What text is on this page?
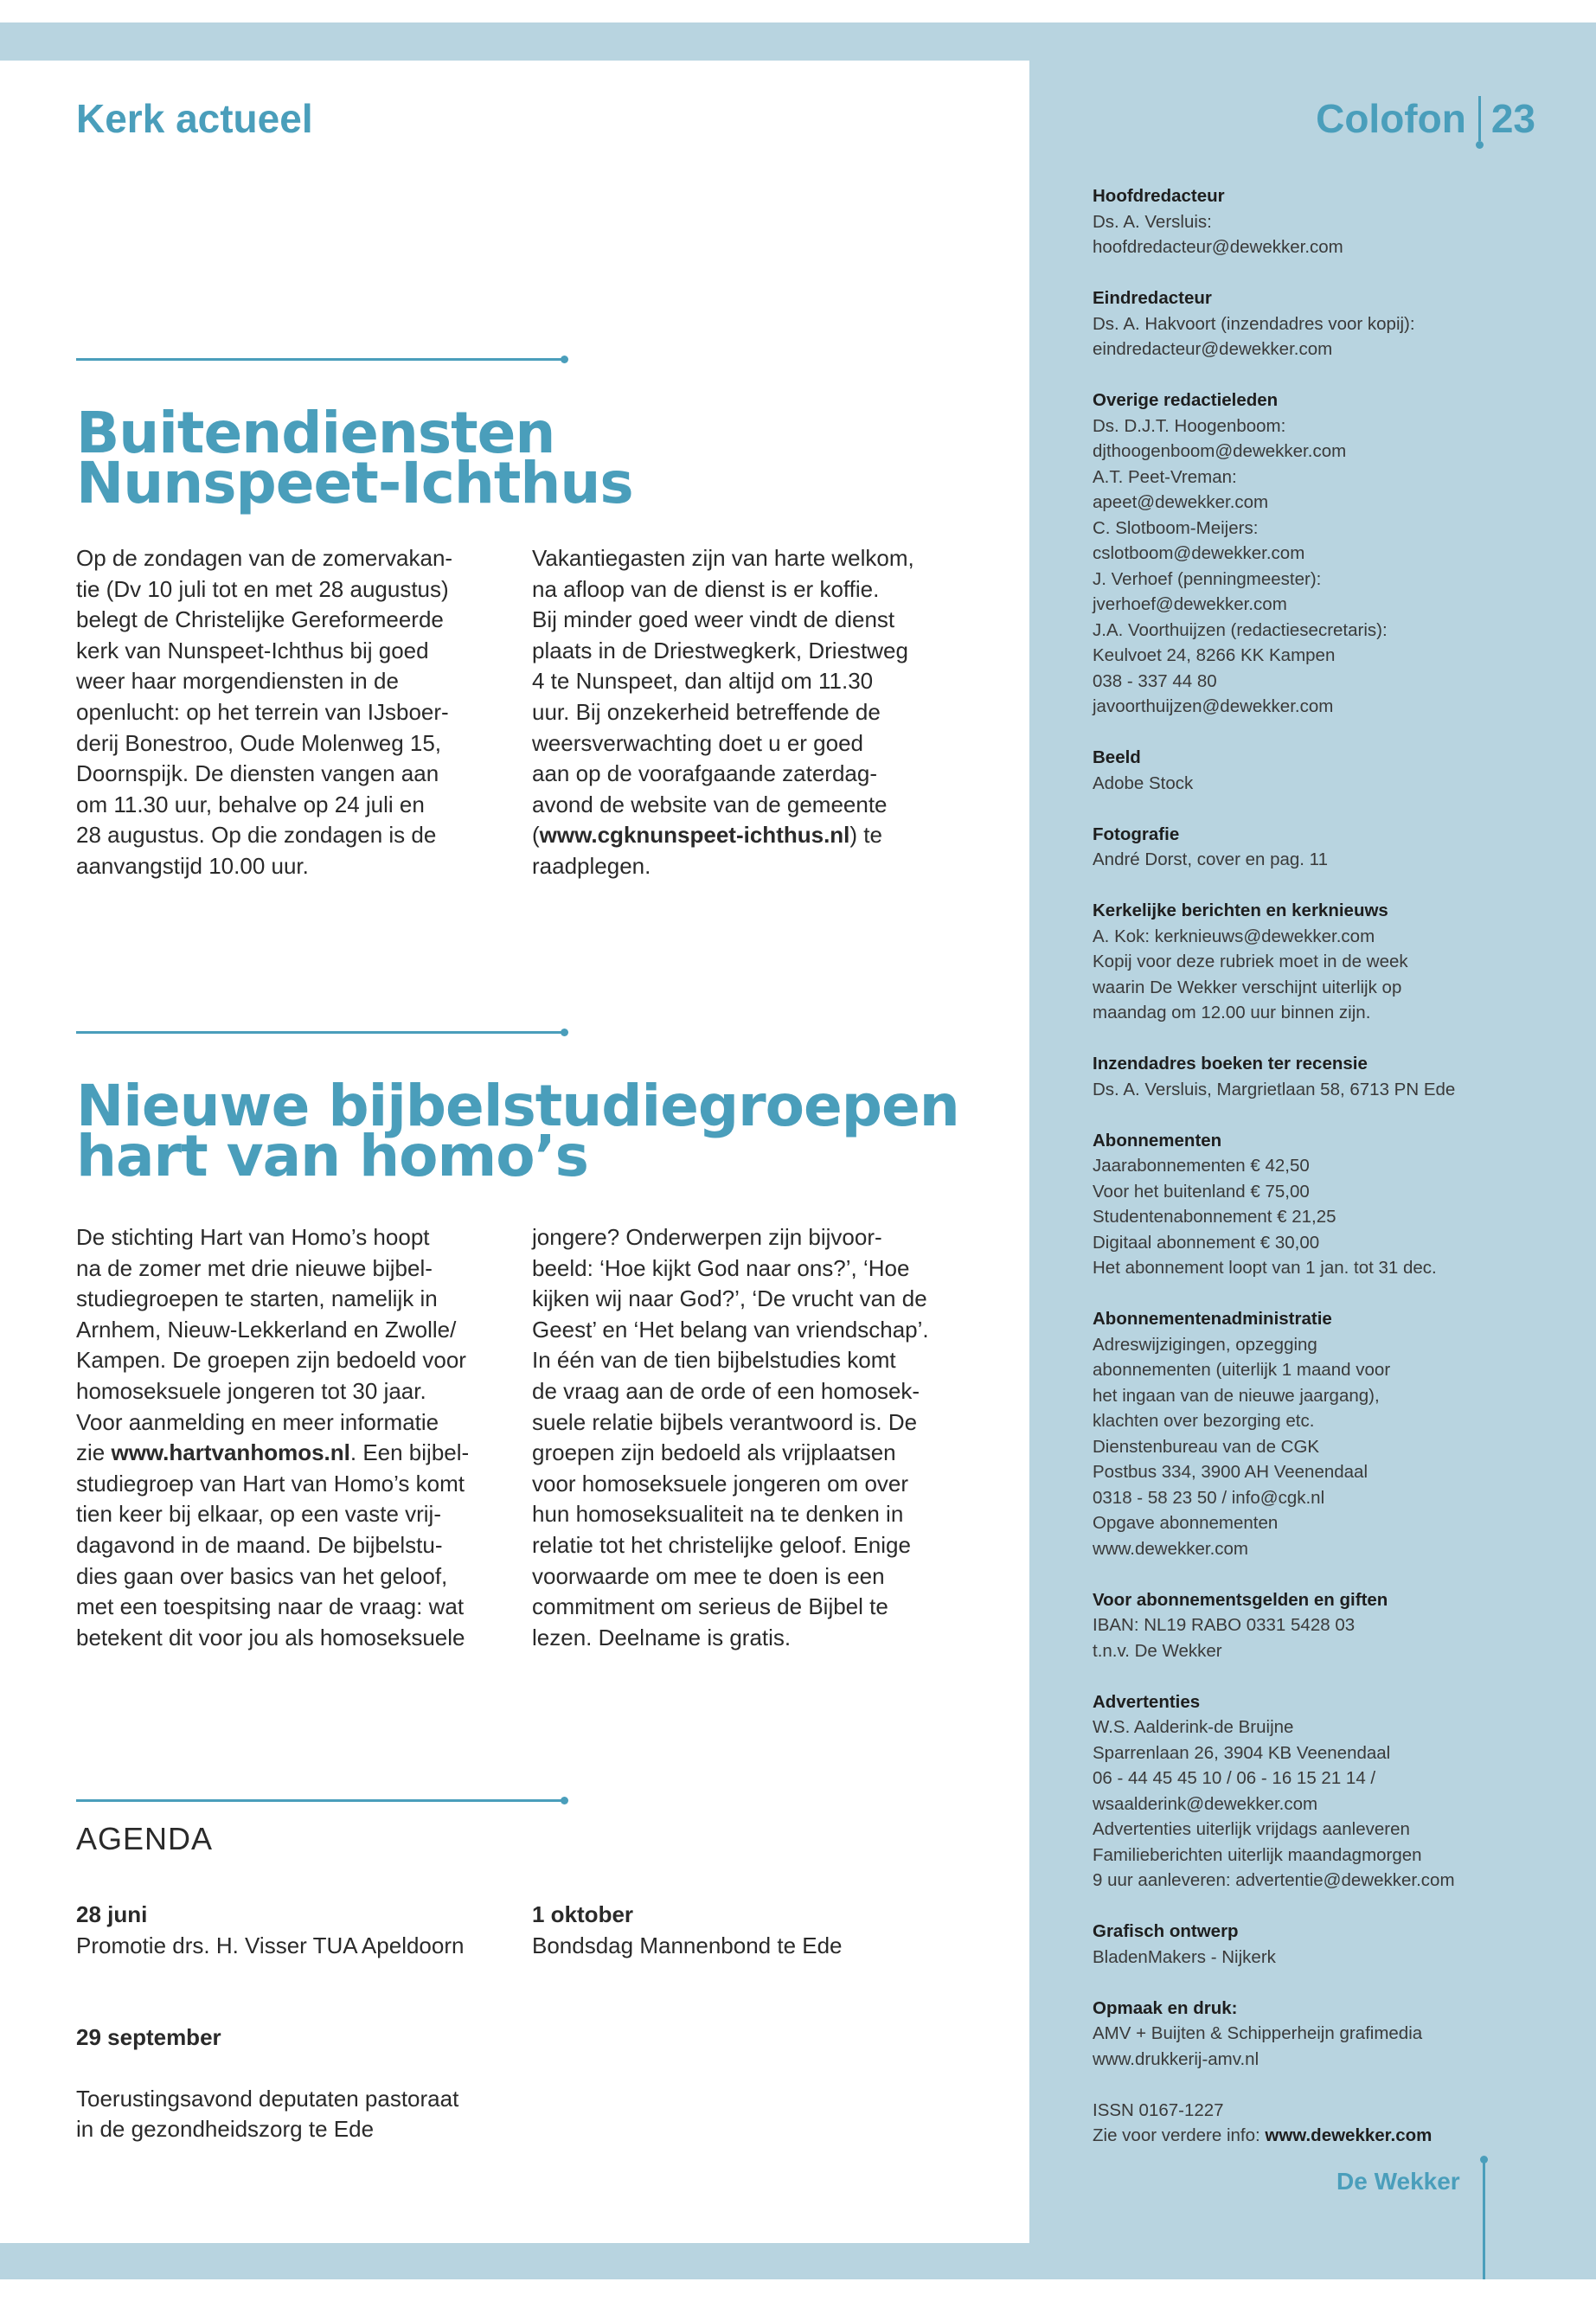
Kerk actueel	Colofon 23
Buitendiensten
Nunspeet-Ichthus
Op de zondagen van de zomervakan-
tie (Dv 10 juli tot en met 28 augustus)
belegt de Christelijke Gereformeerde
kerk van Nunspeet-Ichthus bij goed
weer haar morgendiensten in de
openlucht: op het terrein van IJsboer-
derij Bonestroo, Oude Molenweg 15,
Doornspijk. De diensten vangen aan
om 11.30 uur, behalve op 24 juli en
28 augustus. Op die zondagen is de
aanvangstijd 10.00 uur.
Vakantiegasten zijn van harte welkom,
na afloop van de dienst is er koffie.
Bij minder goed weer vindt de dienst
plaats in de Driestwegkerk, Driestweg
4 te Nunspeet, dan altijd om 11.30
uur. Bij onzekerheid betreffende de
weersverwachting doet u er goed
aan op de voorafgaande zaterdag-
avond de website van de gemeente
(www.cgknunspeet-ichthus.nl) te
raadplegen.
Nieuwe bijbelstudiegroepen
hart van homo’s
De stichting Hart van Homo’s hoopt
na de zomer met drie nieuwe bijbel-
studiegroepen te starten, namelijk in
Arnhem, Nieuw-Lekkerland en Zwolle/
Kampen. De groepen zijn bedoeld voor
homoseksuele jongeren tot 30 jaar.
Voor aanmelding en meer informatie
zie www.hartvanhomos.nl. Een bijbel-
studiegroep van Hart van Homo’s komt
tien keer bij elkaar, op een vaste vrij-
dagavond in de maand. De bijbelstu-
dies gaan over basics van het geloof,
met een toespitsing naar de vraag: wat
betekent dit voor jou als homoseksuele
jongere? Onderwerpen zijn bijvoor-
beeld: ‘Hoe kijkt God naar ons?’, ‘Hoe
kijken wij naar God?’, ‘De vrucht van de
Geest’ en ‘Het belang van vriendschap’.
In één van de tien bijbelstudies komt
de vraag aan de orde of een homosek-
suele relatie bijbels verantwoord is. De
groepen zijn bedoeld als vrijplaatsen
voor homoseksuele jongeren om over
hun homoseksualiteit na te denken in
relatie tot het christelijke geloof. Enige
voorwaarde om mee te doen is een
commitment om serieus de Bijbel te
lezen. Deelname is gratis.
AGENDA
28 juni
Promotie drs. H. Visser TUA Apeldoorn
1 oktober
Bondsdag Mannenbond te Ede

29 september

Toerustingsavond deputaten pastoraat
in de gezondheidszorg te Ede

Hoofdredacteur
Ds. A. Versluis:
hoofdredacteur@dewekker.com
Eindredacteur
Ds. A. Hakvoort (inzendadres voor kopij):
eindredacteur@dewekker.com
Overige redactieleden
Ds. D.J.T. Hoogenboom:
djthoogenboom@dewekker.com
A.T. Peet-Vreman:
apeet@dewekker.com
C. Slotboom-Meijers:
cslotboom@dewekker.com
J. Verhoef (penningmeester):
jverhoef@dewekker.com
J.A. Voorthuijzen (redactiesecretaris):
Keulvoet 24, 8266 KK Kampen
038 - 337 44 80
javoorthuijzen@dewekker.com
Beeld
Adobe Stock
Fotografie
André Dorst, cover en pag. 11
Kerkelijke berichten en kerknieuws
A. Kok: kerknieuws@dewekker.com
Kopij voor deze rubriek moet in de week
waarin De Wekker verschijnt uiterlijk op
maandag om 12.00 uur binnen zijn.
Inzendadres boeken ter recensie
Ds. A. Versluis, Margrietlaan 58, 6713 PN Ede
Abonnementen
Jaarabonnementen € 42,50
Voor het buitenland € 75,00
Studentenabonnement € 21,25
Digitaal abonnement € 30,00
Het abonnement loopt van 1 jan. tot 31 dec.
Abonnementenadministratie
Adreswijzigingen, opzegging
abonnementen (uiterlijk 1 maand voor
het ingaan van de nieuwe jaargang),
klachten over bezorging etc.
Dienstenbureau van de CGK
Postbus 334, 3900 AH Veenendaal
0318 - 58 23 50 / info@cgk.nl
Opgave abonnementen
www.dewekker.com
Voor abonnementsgelden en giften
IBAN: NL19 RABO 0331 5428 03
t.n.v. De Wekker
Advertenties
W.S. Aalderink-de Bruijne
Sparrenlaan 26, 3904 KB Veenendaal
06 - 44 45 45 10 / 06 - 16 15 21 14 /
wsaalderink@dewekker.com
Advertenties uiterlijk vrijdags aanleveren
Familieberichten uiterlijk maandagmorgen
9 uur aanleveren: advertentie@dewekker.com
Grafisch ontwerp
BladenMakers - Nijkerk
Opmaak en druk:
AMV + Buijten & Schipperheijn grafimedia
www.drukkerij-amv.nl
ISSN 0167-1227
Zie voor verdere info: www.dewekker.com
De Wekker
